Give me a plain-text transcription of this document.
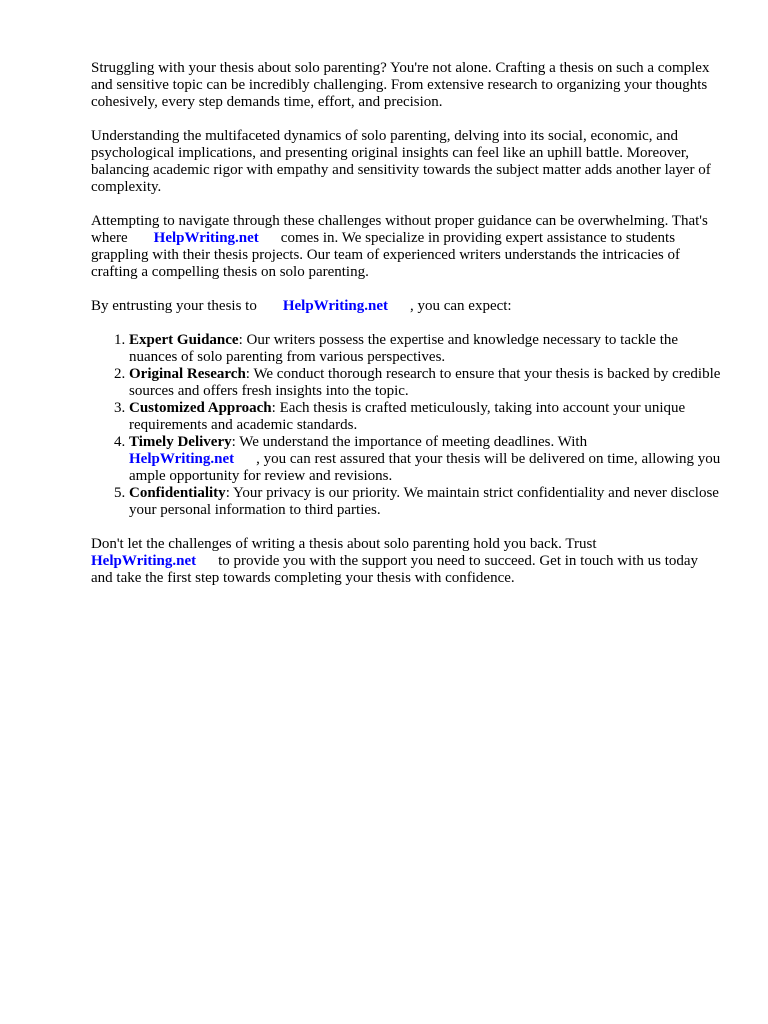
Struggling with your thesis about solo parenting? You're not alone. Crafting a thesis on such a complex and sensitive topic can be incredibly challenging. From extensive research to organizing your thoughts cohesively, every step demands time, effort, and precision.

Understanding the multifaceted dynamics of solo parenting, delving into its social, economic, and psychological implications, and presenting original insights can feel like an uphill battle. Moreover, balancing academic rigor with empathy and sensitivity towards the subject matter adds another layer of complexity.

Attempting to navigate through these challenges without proper guidance can be overwhelming. That's where HelpWriting.net comes in. We specialize in providing expert assistance to students grappling with their thesis projects. Our team of experienced writers understands the intricacies of crafting a compelling thesis on solo parenting.

By entrusting your thesis to HelpWriting.net , you can expect:

1. Expert Guidance: Our writers possess the expertise and knowledge necessary to tackle the nuances of solo parenting from various perspectives.
2. Original Research: We conduct thorough research to ensure that your thesis is backed by credible sources and offers fresh insights into the topic.
3. Customized Approach: Each thesis is crafted meticulously, taking into account your unique requirements and academic standards.
4. Timely Delivery: We understand the importance of meeting deadlines. With
HelpWriting.net , you can rest assured that your thesis will be delivered on time, allowing you ample opportunity for review and revisions.
5. Confidentiality: Your privacy is our priority. We maintain strict confidentiality and never disclose your personal information to third parties.

Don't let the challenges of writing a thesis about solo parenting hold you back. Trust
HelpWriting.net to provide you with the support you need to succeed. Get in touch with us today and take the first step towards completing your thesis with confidence.
